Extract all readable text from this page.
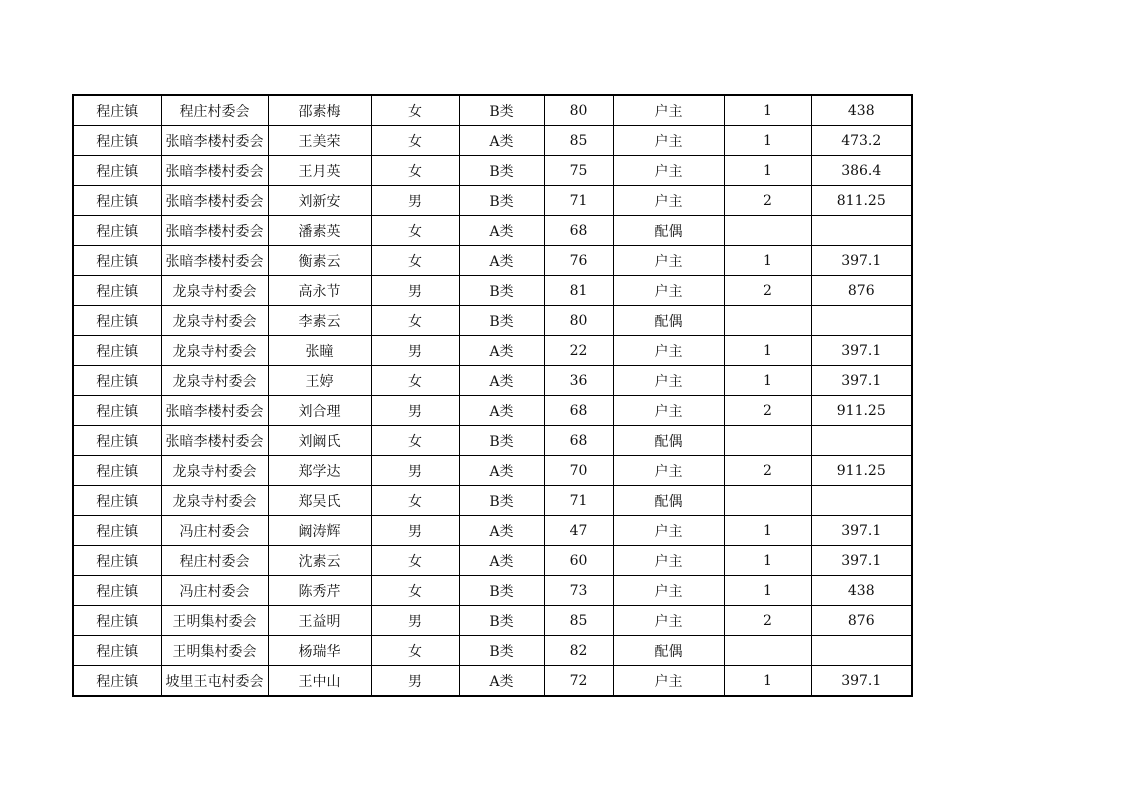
程庄镇	程庄村委会	邵素梅	女	B类	80	户主	1	438
程庄镇	张暗李楼村委会	王美荣	女	A类	85	户主	1	473.2
程庄镇	张暗李楼村委会	王月英	女	B类	75	户主	1	386.4
程庄镇	张暗李楼村委会	刘新安	男	B类	71	户主	2	811.25
程庄镇	张暗李楼村委会	潘素英	女	A类	68	配偶		
程庄镇	张暗李楼村委会	衡素云	女	A类	76	户主	1	397.1
程庄镇	龙泉寺村委会	高永节	男	B类	81	户主	2	876
程庄镇	龙泉寺村委会	李素云	女	B类	80	配偶		
程庄镇	龙泉寺村委会	张瞳	男	A类	22	户主	1	397.1
程庄镇	龙泉寺村委会	王婷	女	A类	36	户主	1	397.1
程庄镇	张暗李楼村委会	刘合理	男	A类	68	户主	2	911.25
程庄镇	张暗李楼村委会	刘阚氏	女	B类	68	配偶		
程庄镇	龙泉寺村委会	郑学达	男	A类	70	户主	2	911.25
程庄镇	龙泉寺村委会	郑吴氏	女	B类	71	配偶		
程庄镇	冯庄村委会	阚涛辉	男	A类	47	户主	1	397.1
程庄镇	程庄村委会	沈素云	女	A类	60	户主	1	397.1
程庄镇	冯庄村委会	陈秀芹	女	B类	73	户主	1	438
程庄镇	王明集村委会	王益明	男	B类	85	户主	2	876
程庄镇	王明集村委会	杨瑞华	女	B类	82	配偶		
程庄镇	坡里王屯村委会	王中山	男	A类	72	户主	1	397.1
